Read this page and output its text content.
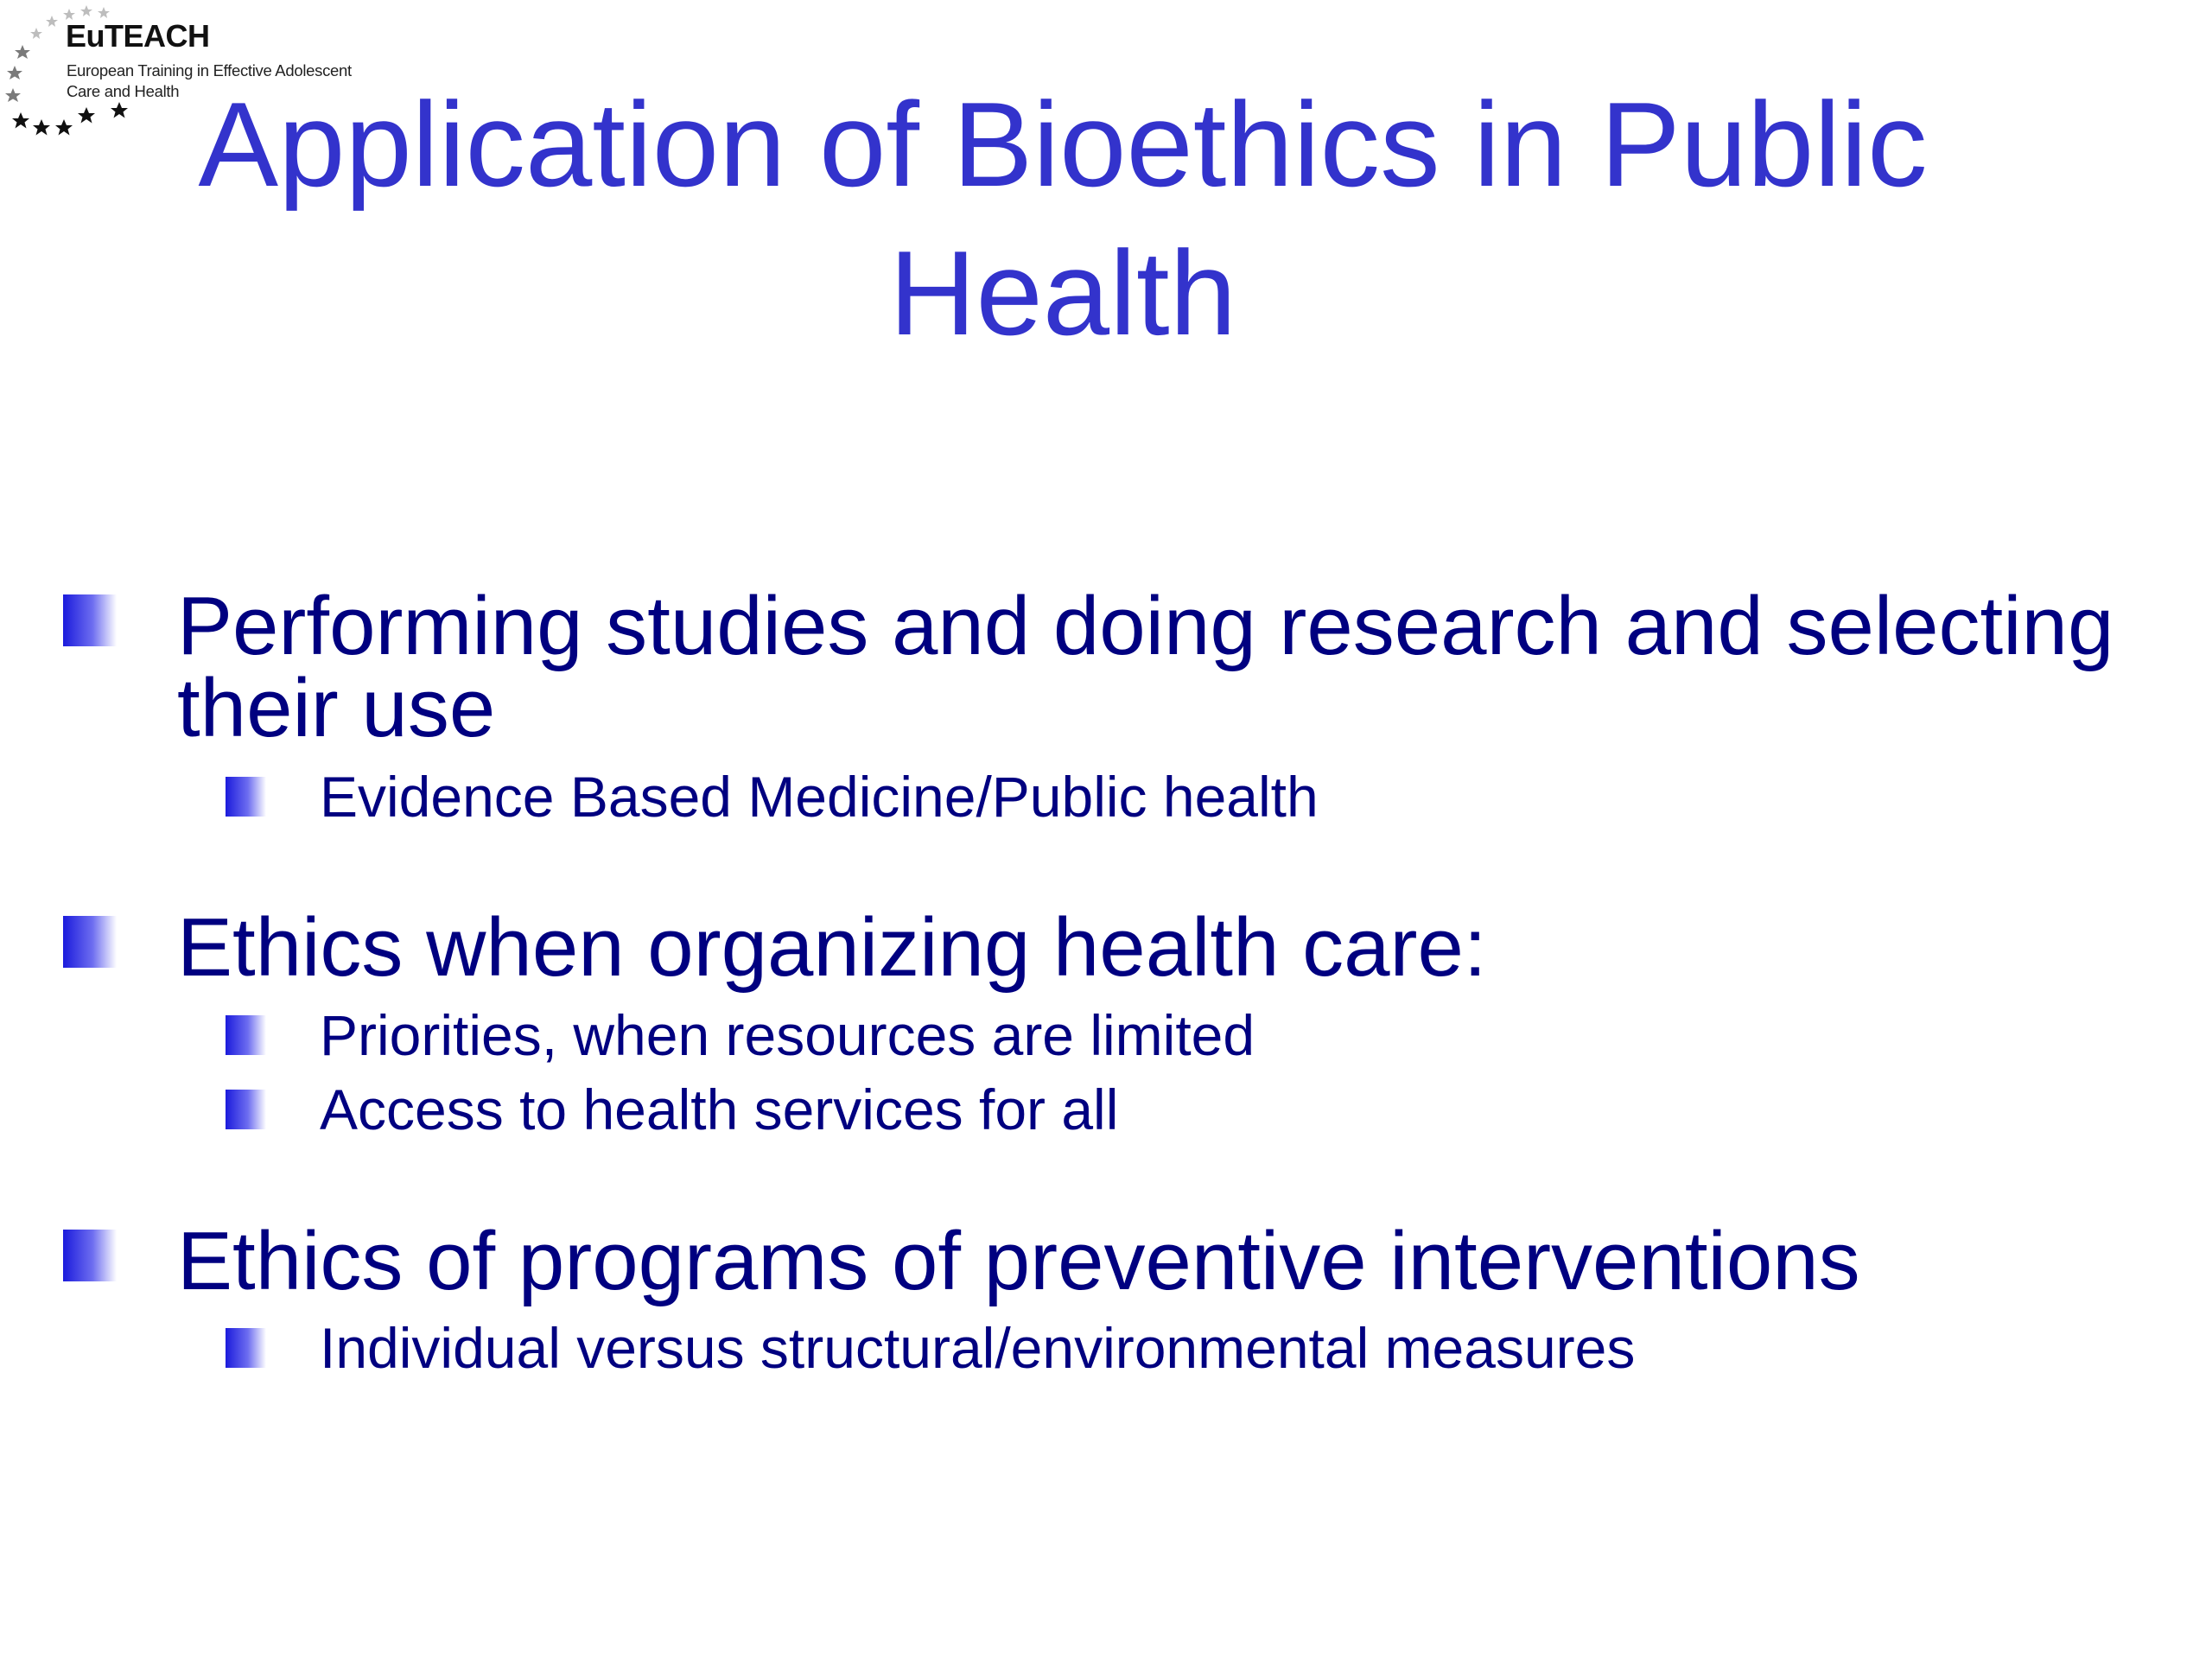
EuTEACH
European Training in Effective Adolescent
Care and Health Application of Bioethics in Public
Health
Performing studies and doing research and selecting their use
Evidence Based Medicine/Public health
Ethics when organizing health care:
Priorities, when resources are limited
Access to health services for all
Ethics of programs of preventive interventions
Individual versus structural/environmental measures
